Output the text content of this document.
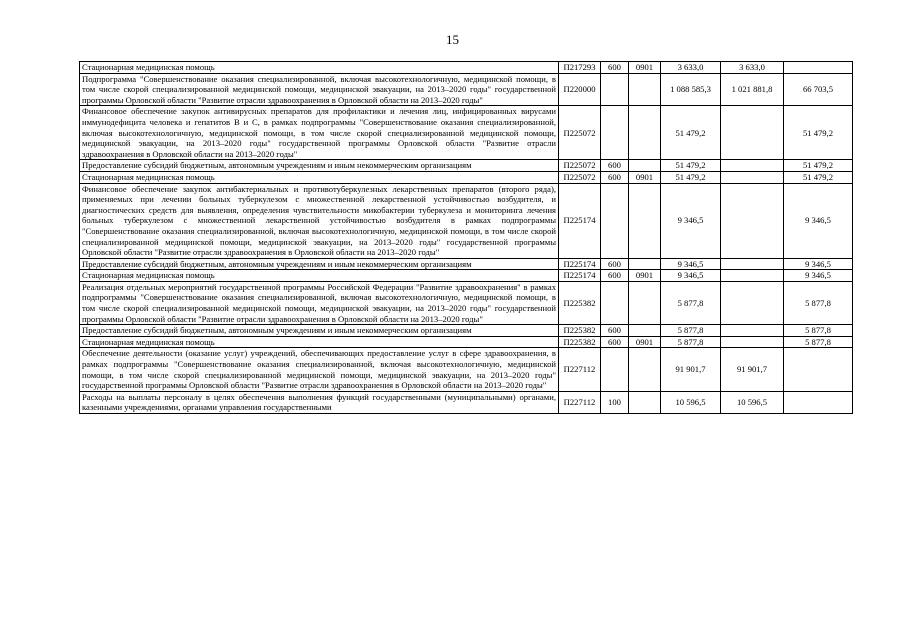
15
Стационарная медицинская помощь	П217293	600	0901	3 633,0	3 633,0	
Подпрограмма "Совершенствование оказания специализированной, включая высокотехнологичную, медицинской помощи, в том числе скорой специализированной медицинской помощи, медицинской эвакуации, на 2013–2020 годы" государственной программы Орловской области "Развитие отрасли здравоохранения в Орловской области на 2013–2020 годы"	П220000			1 088 585,3	1 021 881,8	66 703,5
Финансовое обеспечение закупок антивирусных препаратов для профилактики и лечения лиц, инфицированных вирусами иммунодефицита человека и гепатитов В и С, в рамках подпрограммы "Совершенствование оказания специализированной, включая высокотехнологичную, медицинской помощи, в том числе скорой специализированной медицинской помощи, медицинской эвакуации, на 2013–2020 годы" государственной программы Орловской области "Развитие отрасли здравоохранения в Орловской области на 2013–2020 годы"	П225072			51 479,2		51 479,2
Предоставление субсидий бюджетным, автономным учреждениям и иным некоммерческим организациям	П225072	600		51 479,2		51 479,2
Стационарная медицинская помощь	П225072	600	0901	51 479,2		51 479,2
Финансовое обеспечение закупок антибактериальных и противотуберкулезных лекарственных препаратов (второго ряда), применяемых при лечении больных туберкулезом с множественной лекарственной устойчивостью возбудителя, и диагностических средств для выявления, определения чувствительности микобактерии туберкулеза и мониторинга лечения больных туберкулезом с множественной лекарственной устойчивостью возбудителя в рамках подпрограммы "Совершенствование оказания специализированной, включая высокотехнологичную, медицинской помощи, в том числе скорой специализированной медицинской помощи, медицинской эвакуации, на 2013–2020 годы" государственной программы Орловской области "Развитие отрасли здравоохранения в Орловской области на 2013–2020 годы"	П225174			9 346,5		9 346,5
Предоставление субсидий бюджетным, автономным учреждениям и иным некоммерческим организациям	П225174	600		9 346,5		9 346,5
Стационарная медицинская помощь	П225174	600	0901	9 346,5		9 346,5
Реализация отдельных мероприятий государственной программы Российской Федерации "Развитие здравоохранения" в рамках подпрограммы "Совершенствование оказания специализированной, включая высокотехнологичную, медицинской помощи, в том числе скорой специализированной медицинской помощи, медицинской эвакуации, на 2013–2020 годы" государственной программы Орловской области "Развитие отрасли здравоохранения в Орловской области на 2013–2020 годы"	П225382			5 877,8		5 877,8
Предоставление субсидий бюджетным, автономным учреждениям и иным некоммерческим организациям	П225382	600		5 877,8		5 877,8
Стационарная медицинская помощь	П225382	600	0901	5 877,8		5 877,8
Обеспечение деятельности (оказание услуг) учреждений, обеспечивающих предоставление услуг в сфере здравоохранения, в рамках подпрограммы "Совершенствование оказания специализированной, включая высокотехнологичную, медицинской помощи, в том числе скорой специализированной медицинской помощи, медицинской эвакуации, на 2013–2020 годы" государственной программы Орловской области "Развитие отрасли здравоохранения в Орловской области на 2013–2020 годы"	П227112			91 901,7	91 901,7	
Расходы на выплаты персоналу в целях обеспечения выполнения функций государственными (муниципальными) органами, казенными учреждениями, органами управления государственными	П227112	100		10 596,5	10 596,5	
